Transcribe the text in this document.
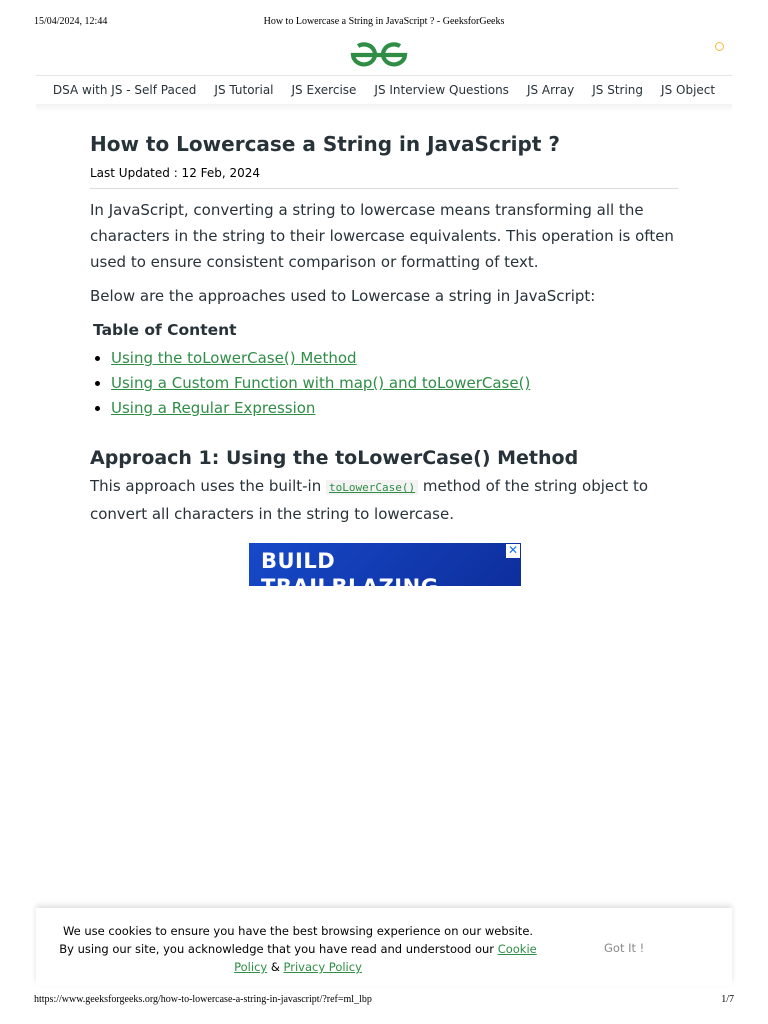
15/04/2024, 12:44	How to Lowercase a String in JavaScript ? - GeeksforGeeks
DSA with JS - Self Paced	JS Tutorial	JS Exercise	JS Interview Questions	JS Array	JS String	JS Object
How to Lowercase a String in JavaScript ?
Last Updated : 12 Feb, 2024

In JavaScript, converting a string to lowercase means transforming all the characters in the string to their lowercase equivalents. This operation is often used to ensure consistent comparison or formatting of text.

Below are the approaches used to Lowercase a string in JavaScript:

Table of Content
• Using the toLowerCase() Method
• Using a Custom Function with map() and toLowerCase()
• Using a Regular Expression
Approach 1: Using the toLowerCase() Method

This approach uses the built-in toLowerCase() method of the string object to convert all characters in the string to lowercase.

BUILD
TRAILBLAZING
✕
We use cookies to ensure you have the best browsing experience on our website. By using our site, you acknowledge that you have read and understood our Cookie Policy & Privacy Policy
Got It !
https://www.geeksforgeeks.org/how-to-lowercase-a-string-in-javascript/?ref=ml_lbp	1/7
